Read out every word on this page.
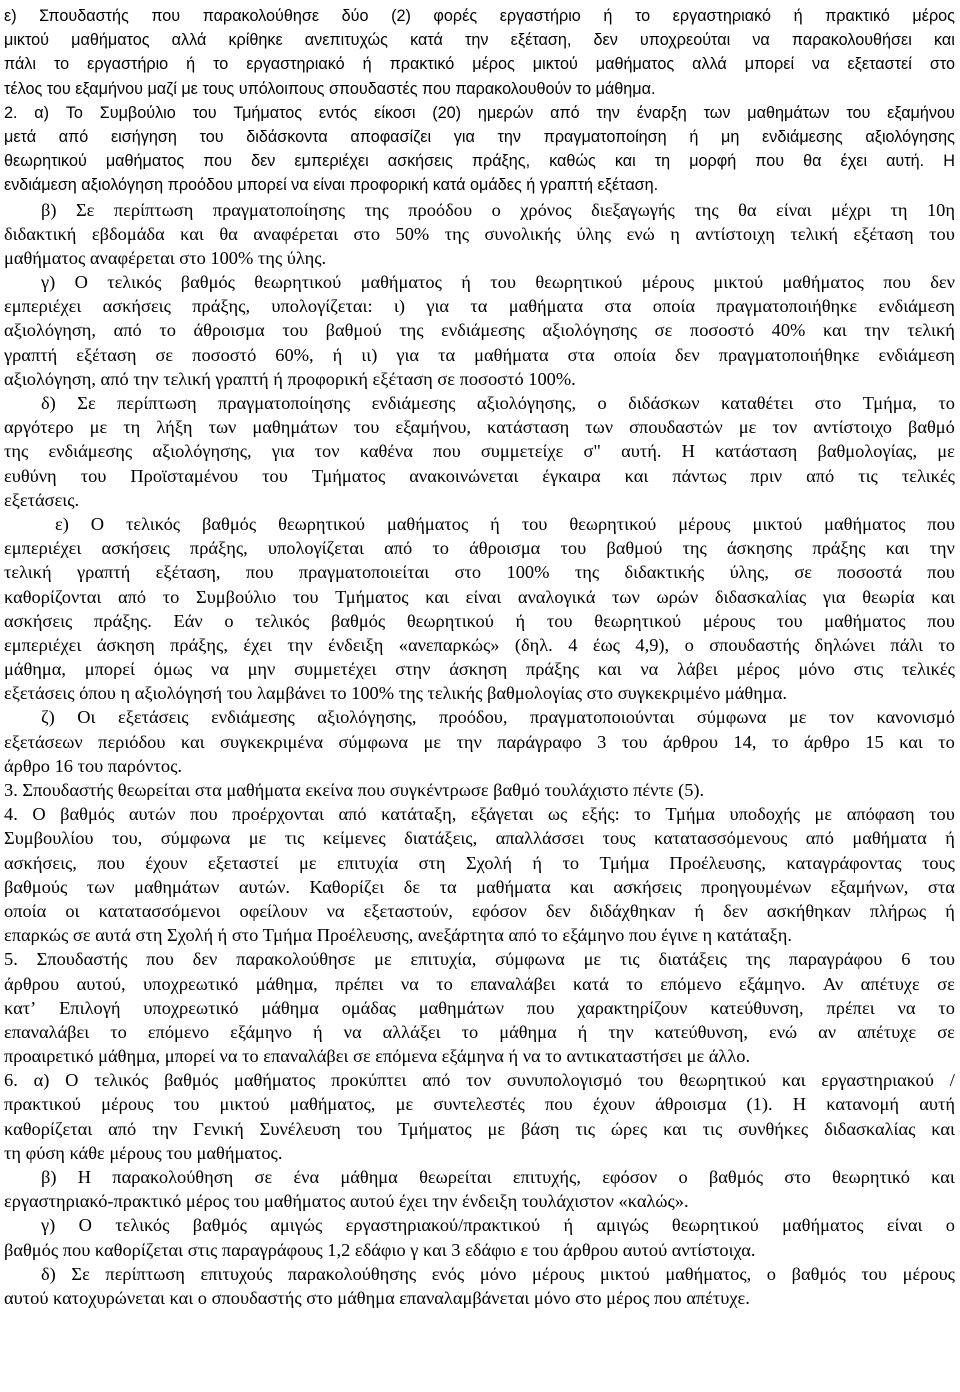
ε) Σπουδαστής που παρακολούθησε δύο (2) φορές εργαστήριο ή το εργαστηριακό ή πρακτικό μέρος
μικτού μαθήματος αλλά κρίθηκε ανεπιτυχώς κατά την εξέταση, δεν υποχρεούται να παρακολουθήσει και
πάλι το εργαστήριο ή το εργαστηριακό ή πρακτικό μέρος μικτού μαθήματος αλλά μπορεί να εξεταστεί στο
τέλος του εξαμήνου μαζί με τους υπόλοιπους σπουδαστές που παρακολουθούν το μάθημα.
2. α) Το Συμβούλιο του Τμήματος εντός είκοσι (20) ημερών από την έναρξη των μαθημάτων του εξαμήνου
μετά από εισήγηση του διδάσκοντα αποφασίζει για την πραγματοποίηση ή μη ενδιάμεσης αξιολόγησης
θεωρητικού μαθήματος που δεν εμπεριέχει ασκήσεις πράξης, καθώς και τη μορφή που θα έχει αυτή. Η
ενδιάμεση αξιολόγηση προόδου μπορεί να είναι προφορική κατά ομάδες ή γραπτή εξέταση.
β) Σε περίπτωση πραγματοποίησης της προόδου ο χρόνος διεξαγωγής της θα είναι μέχρι τη 10η
διδακτική εβδομάδα και θα αναφέρεται στο 50% της συνολικής ύλης ενώ η αντίστοιχη τελική εξέταση του
μαθήματος αναφέρεται στο 100% της ύλης.
γ) Ο τελικός βαθμός θεωρητικού μαθήματος ή του θεωρητικού μέρους μικτού μαθήματος που δεν
εμπεριέχει ασκήσεις πράξης, υπολογίζεται: ι) για τα μαθήματα στα οποία πραγματοποιήθηκε ενδιάμεση
αξιολόγηση, από το άθροισμα του βαθμού της ενδιάμεσης αξιολόγησης σε ποσοστό 40% και την τελική
γραπτή εξέταση σε ποσοστό 60%, ή ιι) για τα μαθήματα στα οποία δεν πραγματοποιήθηκε ενδιάμεση
αξιολόγηση, από την τελική γραπτή ή προφορική εξέταση σε ποσοστό 100%.
δ) Σε περίπτωση πραγματοποίησης ενδιάμεσης αξιολόγησης, ο διδάσκων καταθέτει στο Τμήμα, το
αργότερο με τη λήξη των μαθημάτων του εξαμήνου, κατάσταση των σπουδαστών με τον αντίστοιχο βαθμό
της ενδιάμεσης αξιολόγησης, για τον καθένα που συμμετείχε σ" αυτή. Η κατάσταση βαθμολογίας, με
ευθύνη του Προϊσταμένου του Τμήματος ανακοινώνεται έγκαιρα και πάντως πριν από τις τελικές
εξετάσεις.
ε) Ο τελικός βαθμός θεωρητικού μαθήματος ή του θεωρητικού μέρους μικτού μαθήματος που
εμπεριέχει ασκήσεις πράξης, υπολογίζεται από το άθροισμα του βαθμού της άσκησης πράξης και την
τελική γραπτή εξέταση, που πραγματοποιείται στο 100% της διδακτικής ύλης, σε ποσοστά που
καθορίζονται από το Συμβούλιο του Τμήματος και είναι αναλογικά των ωρών διδασκαλίας για θεωρία και
ασκήσεις πράξης. Εάν ο τελικός βαθμός θεωρητικού ή του θεωρητικού μέρους του μαθήματος που
εμπεριέχει άσκηση πράξης, έχει την ένδειξη «ανεπαρκώς» (δηλ. 4 έως 4,9), ο σπουδαστής δηλώνει πάλι το
μάθημα, μπορεί όμως να μην συμμετέχει στην άσκηση πράξης και να λάβει μέρος μόνο στις τελικές
εξετάσεις όπου η αξιολόγησή του λαμβάνει το 100% της τελικής βαθμολογίας στο συγκεκριμένο μάθημα.
ζ) Οι εξετάσεις ενδιάμεσης αξιολόγησης, προόδου, πραγματοποιούνται σύμφωνα με τον κανονισμό
εξετάσεων περιόδου και συγκεκριμένα σύμφωνα με την παράγραφο 3 του άρθρου 14, το άρθρο 15 και το
άρθρο 16 του παρόντος.
3. Σπουδαστής θεωρείται στα μαθήματα εκείνα που συγκέντρωσε βαθμό τουλάχιστο πέντε (5).
4. Ο βαθμός αυτών που προέρχονται από κατάταξη, εξάγεται ως εξής: το Τμήμα υποδοχής με απόφαση του
Συμβουλίου του, σύμφωνα με τις κείμενες διατάξεις, απαλλάσσει τους κατατασσόμενους από μαθήματα ή
ασκήσεις, που έχουν εξεταστεί με επιτυχία στη Σχολή ή το Τμήμα Προέλευσης, καταγράφοντας τους
βαθμούς των μαθημάτων αυτών. Καθορίζει δε τα μαθήματα και ασκήσεις προηγουμένων εξαμήνων, στα
οποία οι κατατασσόμενοι οφείλουν να εξεταστούν, εφόσον δεν διδάχθηκαν ή δεν ασκήθηκαν πλήρως ή
επαρκώς σε αυτά στη Σχολή ή στο Τμήμα Προέλευσης, ανεξάρτητα από το εξάμηνο που έγινε η κατάταξη.
5. Σπουδαστής που δεν παρακολούθησε με επιτυχία, σύμφωνα με τις διατάξεις της παραγράφου 6 του
άρθρου αυτού, υποχρεωτικό μάθημα, πρέπει να το επαναλάβει κατά το επόμενο εξάμηνο. Αν απέτυχε σε
κατ’ Επιλογή υποχρεωτικό μάθημα ομάδας μαθημάτων που χαρακτηρίζουν κατεύθυνση, πρέπει να το
επαναλάβει το επόμενο εξάμηνο ή να αλλάξει το μάθημα ή την κατεύθυνση, ενώ αν απέτυχε σε
προαιρετικό μάθημα, μπορεί να το επαναλάβει σε επόμενα εξάμηνα ή να το αντικαταστήσει με άλλο.
6. α) Ο τελικός βαθμός μαθήματος προκύπτει από τον συνυπολογισμό του θεωρητικού και εργαστηριακού /
πρακτικού μέρους του μικτού μαθήματος, με συντελεστές που έχουν άθροισμα (1). Η κατανομή αυτή
καθορίζεται από την Γενική Συνέλευση του Τμήματος με βάση τις ώρες και τις συνθήκες διδασκαλίας και
τη φύση κάθε μέρους του μαθήματος.
β) Η παρακολούθηση σε ένα μάθημα θεωρείται επιτυχής, εφόσον ο βαθμός στο θεωρητικό και
εργαστηριακό-πρακτικό μέρος του μαθήματος αυτού έχει την ένδειξη τουλάχιστον «καλώς».
γ) Ο τελικός βαθμός αμιγώς εργαστηριακού/πρακτικού ή αμιγώς θεωρητικού μαθήματος είναι ο
βαθμός που καθορίζεται στις παραγράφους 1,2 εδάφιο γ και 3 εδάφιο ε του άρθρου αυτού αντίστοιχα.
δ) Σε περίπτωση επιτυχούς παρακολούθησης ενός μόνο μέρους μικτού μαθήματος, ο βαθμός του μέρους
αυτού κατοχυρώνεται και ο σπουδαστής στο μάθημα επαναλαμβάνεται μόνο στο μέρος που απέτυχε.
